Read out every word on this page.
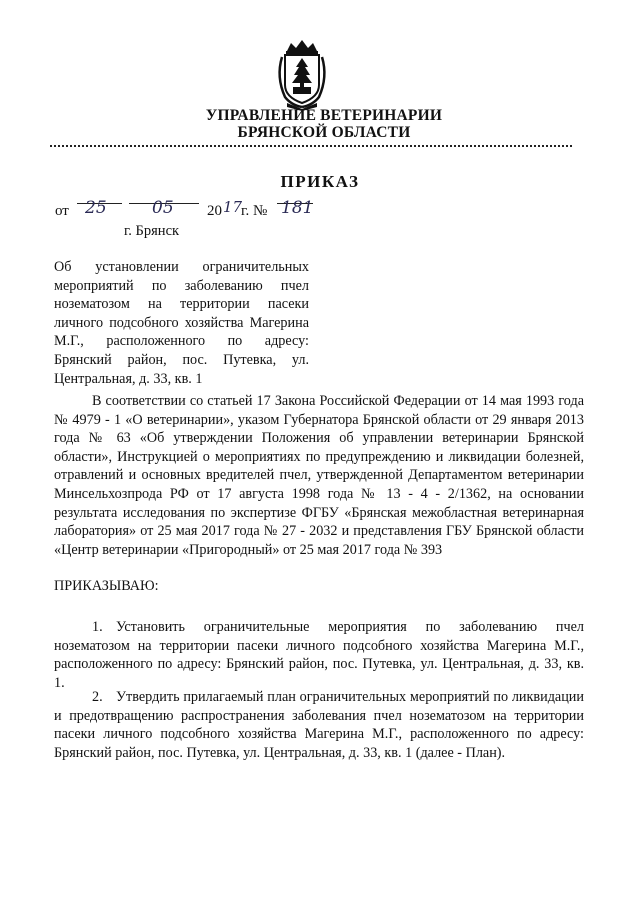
УПРАВЛЕНИЕ ВЕТЕРИНАРИИ
БРЯНСКОЙ ОБЛАСТИ
ПРИКАЗ
от 25	05 20 17
г. № 181
г. Брянск
Об установлении ограничительных мероприятий по заболеванию пчел нозематозом на территории пасеки личного подсобного хозяйства Магерина М.Г., расположенного по адресу: Брянский район, пос. Путевка, ул. Центральная, д. 33, кв. 1
В соответствии со статьей 17 Закона Российской Федерации от 14 мая 1993 года № 4979 - 1 «О ветеринарии», указом Губернатора Брянской области от 29 января 2013 года № 63 «Об утверждении Положения об управлении ветеринарии Брянской области», Инструкцией о мероприятиях по предупреждению и ликвидации болезней, отравлений и основных вредителей пчел, утвержденной Департаментом ветеринарии Минсельхозпрода РФ от 17 августа 1998 года № 13 - 4 - 2/1362, на основании результата исследования по экспертизе ФГБУ «Брянская межобластная ветеринарная лаборатория» от 25 мая 2017 года № 27 - 2032 и представления ГБУ Брянской области «Центр ветеринарии «Пригородный» от 25 мая 2017 года № 393
ПРИКАЗЫВАЮ:
1. Установить ограничительные мероприятия по заболеванию пчел нозематозом на территории пасеки личного подсобного хозяйства Магерина М.Г., расположенного по адресу: Брянский район, пос. Путевка, ул. Центральная, д. 33, кв. 1.
2. Утвердить прилагаемый план ограничительных мероприятий по ликвидации и предотвращению распространения заболевания пчел нозематозом на территории пасеки личного подсобного хозяйства Магерина М.Г., расположенного по адресу: Брянский район, пос. Путевка, ул. Центральная, д. 33, кв. 1 (далее - План).
